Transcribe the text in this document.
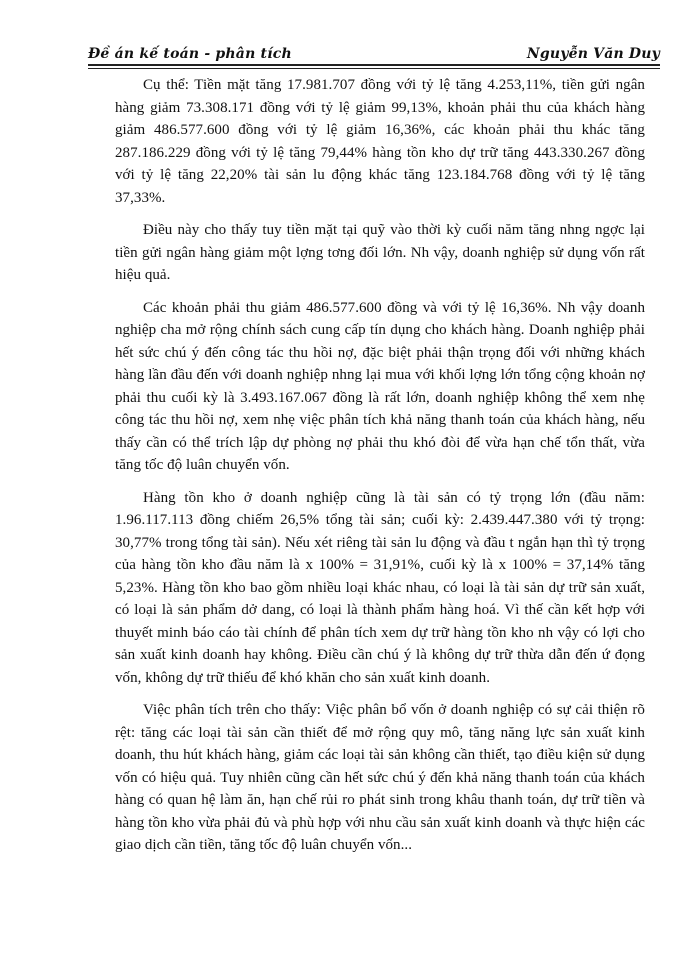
Đề án kế toán - phân tích	Nguyễn Văn Duy

Cụ thể: Tiền mặt tăng 17.981.707 đồng với tỷ lệ tăng 4.253,11%, tiền gửi ngân hàng giảm 73.308.171 đồng với tỷ lệ giảm 99,13%, khoản phải thu của khách hàng giảm 486.577.600 đồng với tỷ lệ giảm 16,36%, các khoản phải thu khác tăng 287.186.229 đồng với tỷ lệ tăng 79,44% hàng tồn kho dự trữ tăng 443.330.267 đồng với tỷ lệ tăng 22,20% tài sản lu động khác tăng 123.184.768 đồng với tỷ lệ tăng 37,33%.

Điều này cho thấy tuy tiền mặt tại quỹ vào thời kỳ cuối năm tăng nhng ngợc lại tiền gửi ngân hàng giảm một lợng tơng đối lớn. Nh vậy, doanh nghiệp sử dụng vốn rất hiệu quả.

Các khoản phải thu giảm 486.577.600 đồng và với tỷ lệ 16,36%. Nh vậy doanh nghiệp cha mở rộng chính sách cung cấp tín dụng cho khách hàng. Doanh nghiệp phải hết sức chú ý đến công tác thu hồi nợ, đặc biệt phải thận trọng đối với những khách hàng lần đầu đến với doanh nghiệp nhng lại mua với khối lợng lớn tổng cộng khoản nợ phải thu cuối kỳ là 3.493.167.067 đồng là rất lớn, doanh nghiệp không thể xem nhẹ công tác thu hồi nợ, xem nhẹ việc phân tích khả năng thanh toán của khách hàng, nếu thấy cần có thể trích lập dự phòng nợ phải thu khó đòi để vừa hạn chế tổn thất, vừa tăng tốc độ luân chuyển vốn.

Hàng tồn kho ở doanh nghiệp cũng là tài sản có tỷ trọng lớn (đầu năm: 1.96.117.113 đồng chiếm 26,5% tổng tài sản; cuối kỳ: 2.439.447.380 với tỷ trọng: 30,77% trong tổng tài sản). Nếu xét riêng tài sản lu động và đầu t ngắn hạn thì tỷ trọng của hàng tồn kho đầu năm là x 100% = 31,91%, cuối kỳ là x 100% = 37,14% tăng 5,23%. Hàng tồn kho bao gồm nhiều loại khác nhau, có loại là tài sản dự trữ sản xuất, có loại là sản phẩm dở dang, có loại là thành phẩm hàng hoá. Vì thế cần kết hợp với thuyết minh báo cáo tài chính để phân tích xem dự trữ hàng tồn kho nh vậy có lợi cho sản xuất kinh doanh hay không. Điều cần chú ý là không dự trữ thừa dẫn đến ứ đọng vốn, không dự trữ thiếu để khó khăn cho sản xuất kinh doanh.

Việc phân tích trên cho thấy: Việc phân bổ vốn ở doanh nghiệp có sự cải thiện rõ rệt: tăng các loại tài sản cần thiết để mở rộng quy mô, tăng năng lực sản xuất kinh doanh, thu hút khách hàng, giảm các loại tài sản không cần thiết, tạo điều kiện sử dụng vốn có hiệu quả. Tuy nhiên cũng cần hết sức chú ý đến khả năng thanh toán của khách hàng có quan hệ làm ăn, hạn chế rủi ro phát sinh trong khâu thanh toán, dự trữ tiền và hàng tồn kho vừa phải đủ và phù hợp với nhu cầu sản xuất kinh doanh và thực hiện các giao dịch cần tiền, tăng tốc độ luân chuyển vốn...
